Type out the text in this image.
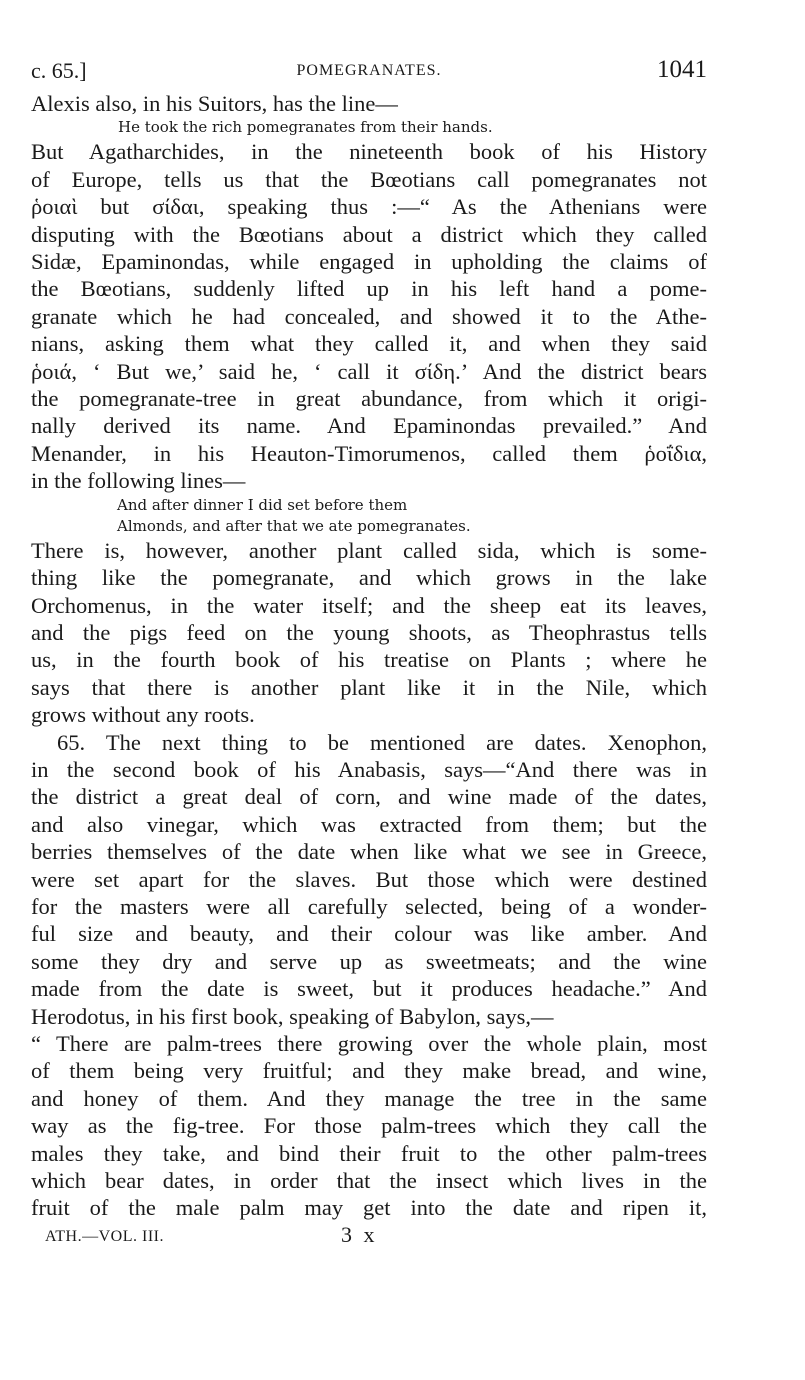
c. 65.]	POMEGRANATES.	1041
Alexis also, in his Suitors, has the line—
He took the rich pomegranates from their hands.
But Agatharchides, in the nineteenth book of his History
of Europe, tells us that the Bœotians call pomegranates not
ῥοιαὶ but σίδαι, speaking thus :—“ As the Athenians were
disputing with the Bœotians about a district which they called
Sidæ, Epaminondas, while engaged in upholding the claims of
the Bœotians, suddenly lifted up in his left hand a pome-
granate which he had concealed, and showed it to the Athe-
nians, asking them what they called it, and when they said
ῥοιά, ‘ But we,’ said he, ‘ call it σίδη.’ And the district bears
the pomegranate-tree in great abundance, from which it origi-
nally derived its name. And Epaminondas prevailed.” And
Menander, in his Heauton-Timorumenos, called them ῥοΐδια,
in the following lines—
And after dinner I did set before them
Almonds, and after that we ate pomegranates.
There is, however, another plant called sida, which is some-
thing like the pomegranate, and which grows in the lake
Orchomenus, in the water itself; and the sheep eat its leaves,
and the pigs feed on the young shoots, as Theophrastus tells
us, in the fourth book of his treatise on Plants ; where he
says that there is another plant like it in the Nile, which
grows without any roots.
65. The next thing to be mentioned are dates. Xenophon,
in the second book of his Anabasis, says—“And there was in
the district a great deal of corn, and wine made of the dates,
and also vinegar, which was extracted from them; but the
berries themselves of the date when like what we see in Greece,
were set apart for the slaves. But those which were destined
for the masters were all carefully selected, being of a wonder-
ful size and beauty, and their colour was like amber. And
some they dry and serve up as sweetmeats; and the wine
made from the date is sweet, but it produces headache.” And
Herodotus, in his first book, speaking of Babylon, says,—
“ There are palm-trees there growing over the whole plain, most
of them being very fruitful; and they make bread, and wine,
and honey of them. And they manage the tree in the same
way as the fig-tree. For those palm-trees which they call the
males they take, and bind their fruit to the other palm-trees
which bear dates, in order that the insect which lives in the
fruit of the male palm may get into the date and ripen it,
ATH.—VOL. III.	3 x
